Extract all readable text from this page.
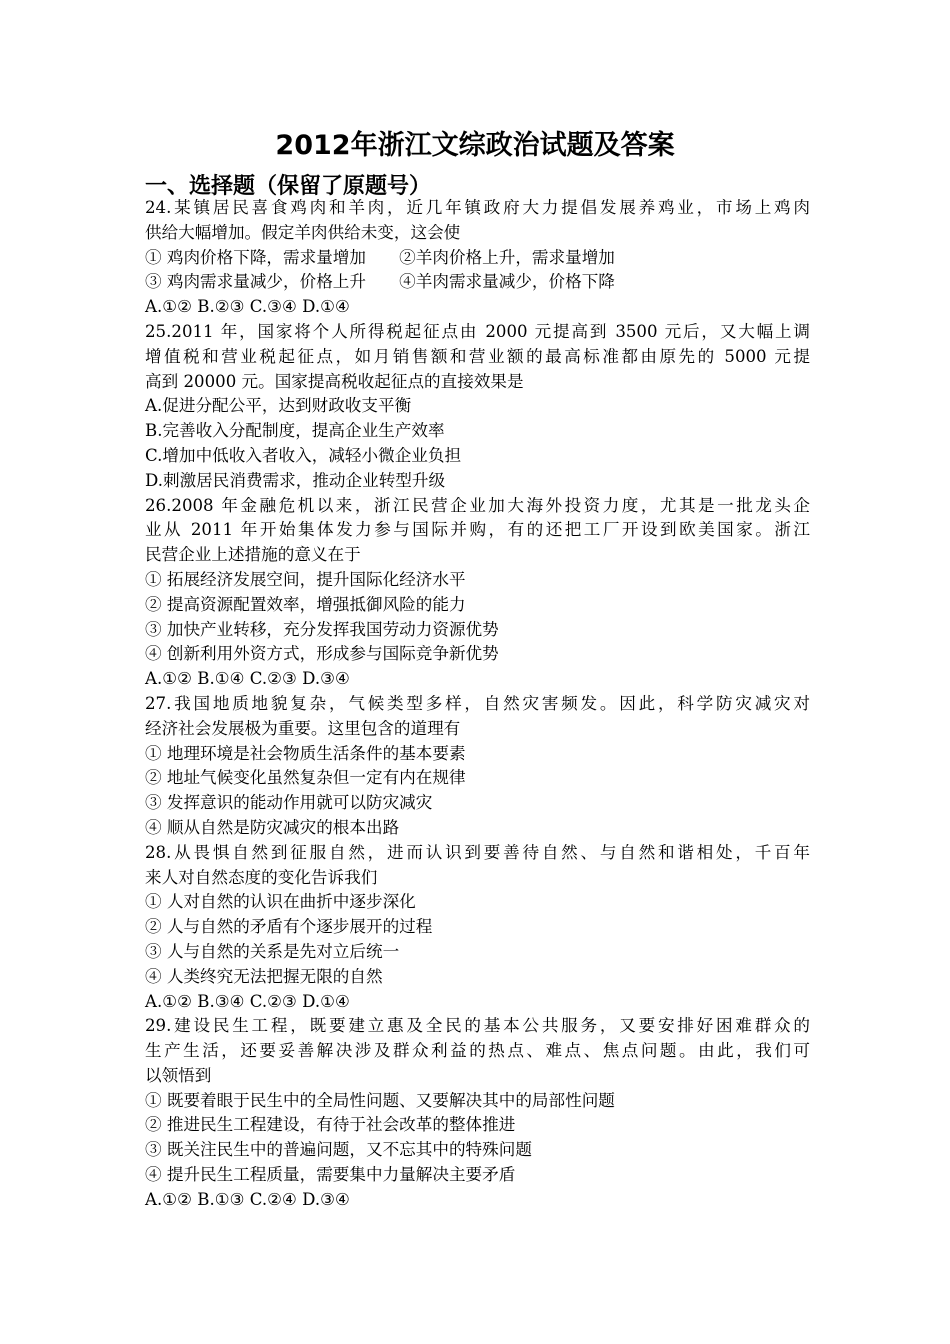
2012年浙江文综政治试题及答案
一、选择题（保留了原题号）
24.某镇居民喜食鸡肉和羊肉，近几年镇政府大力提倡发展养鸡业，市场上鸡肉
供给大幅增加。假定羊肉供给未变，这会使
① 鸡肉价格下降，需求量增加　　②羊肉价格上升，需求量增加
③ 鸡肉需求量减少，价格上升　　④羊肉需求量减少，价格下降
A.①② B.②③ C.③④ D.①④
25.2011 年，国家将个人所得税起征点由 2000 元提高到 3500 元后，又大幅上调
增值税和营业税起征点，如月销售额和营业额的最高标准都由原先的 5000 元提
高到 20000 元。国家提高税收起征点的直接效果是
A.促进分配公平，达到财政收支平衡
B.完善收入分配制度，提高企业生产效率
C.增加中低收入者收入，减轻小微企业负担
D.刺激居民消费需求，推动企业转型升级
26.2008 年金融危机以来，浙江民营企业加大海外投资力度，尤其是一批龙头企
业从 2011 年开始集体发力参与国际并购，有的还把工厂开设到欧美国家。浙江
民营企业上述措施的意义在于
① 拓展经济发展空间，提升国际化经济水平
② 提高资源配置效率，增强抵御风险的能力
③ 加快产业转移，充分发挥我国劳动力资源优势
④ 创新利用外资方式，形成参与国际竞争新优势
A.①② B.①④ C.②③ D.③④
27.我国地质地貌复杂，气候类型多样，自然灾害频发。因此，科学防灾减灾对
经济社会发展极为重要。这里包含的道理有
① 地理环境是社会物质生活条件的基本要素
② 地址气候变化虽然复杂但一定有内在规律
③ 发挥意识的能动作用就可以防灾减灾
④ 顺从自然是防灾减灾的根本出路
28.从畏惧自然到征服自然，进而认识到要善待自然、与自然和谐相处，千百年
来人对自然态度的变化告诉我们
① 人对自然的认识在曲折中逐步深化
② 人与自然的矛盾有个逐步展开的过程
③ 人与自然的关系是先对立后统一
④ 人类终究无法把握无限的自然
A.①② B.③④ C.②③ D.①④
29.建设民生工程，既要建立惠及全民的基本公共服务，又要安排好困难群众的
生产生活，还要妥善解决涉及群众利益的热点、难点、焦点问题。由此，我们可
以领悟到
① 既要着眼于民生中的全局性问题、又要解决其中的局部性问题
② 推进民生工程建设，有待于社会改革的整体推进
③ 既关注民生中的普遍问题，又不忘其中的特殊问题
④ 提升民生工程质量，需要集中力量解决主要矛盾
A.①② B.①③ C.②④ D.③④
